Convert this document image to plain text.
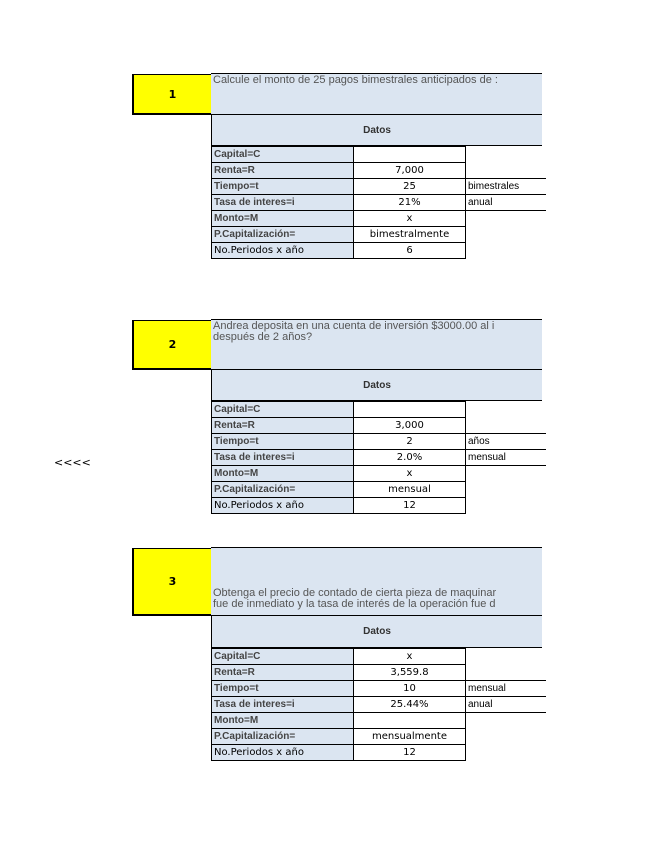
1
Calcule el monto de 25 pagos bimestrales anticipados de :
Datos
Capital=C		
Renta=R	7,000	
Tiempo=t	25	bimestrales
Tasa de interes=i	21%	anual
Monto=M	x	
P.Capitalización=	bimestralmente	
No.Periodos x año	6	
2
Andrea deposita en una cuenta de inversión $3000.00 al i
después de 2 años?
Datos
Capital=C		
Renta=R	3,000	
Tiempo=t	2	años
Tasa de interes=i	2.0%	mensual
Monto=M	x	
P.Capitalización=	mensual	
No.Periodos x año	12	
<<<<
3
Obtenga el precio de contado de cierta pieza de maquinar
fue de inmediato y la tasa de interés de la operación fue d
Datos
Capital=C	x	
Renta=R	3,559.8	
Tiempo=t	10	mensual
Tasa de interes=i	25.44%	anual
Monto=M		
P.Capitalización=	mensualmente	
No.Periodos x año	12	
